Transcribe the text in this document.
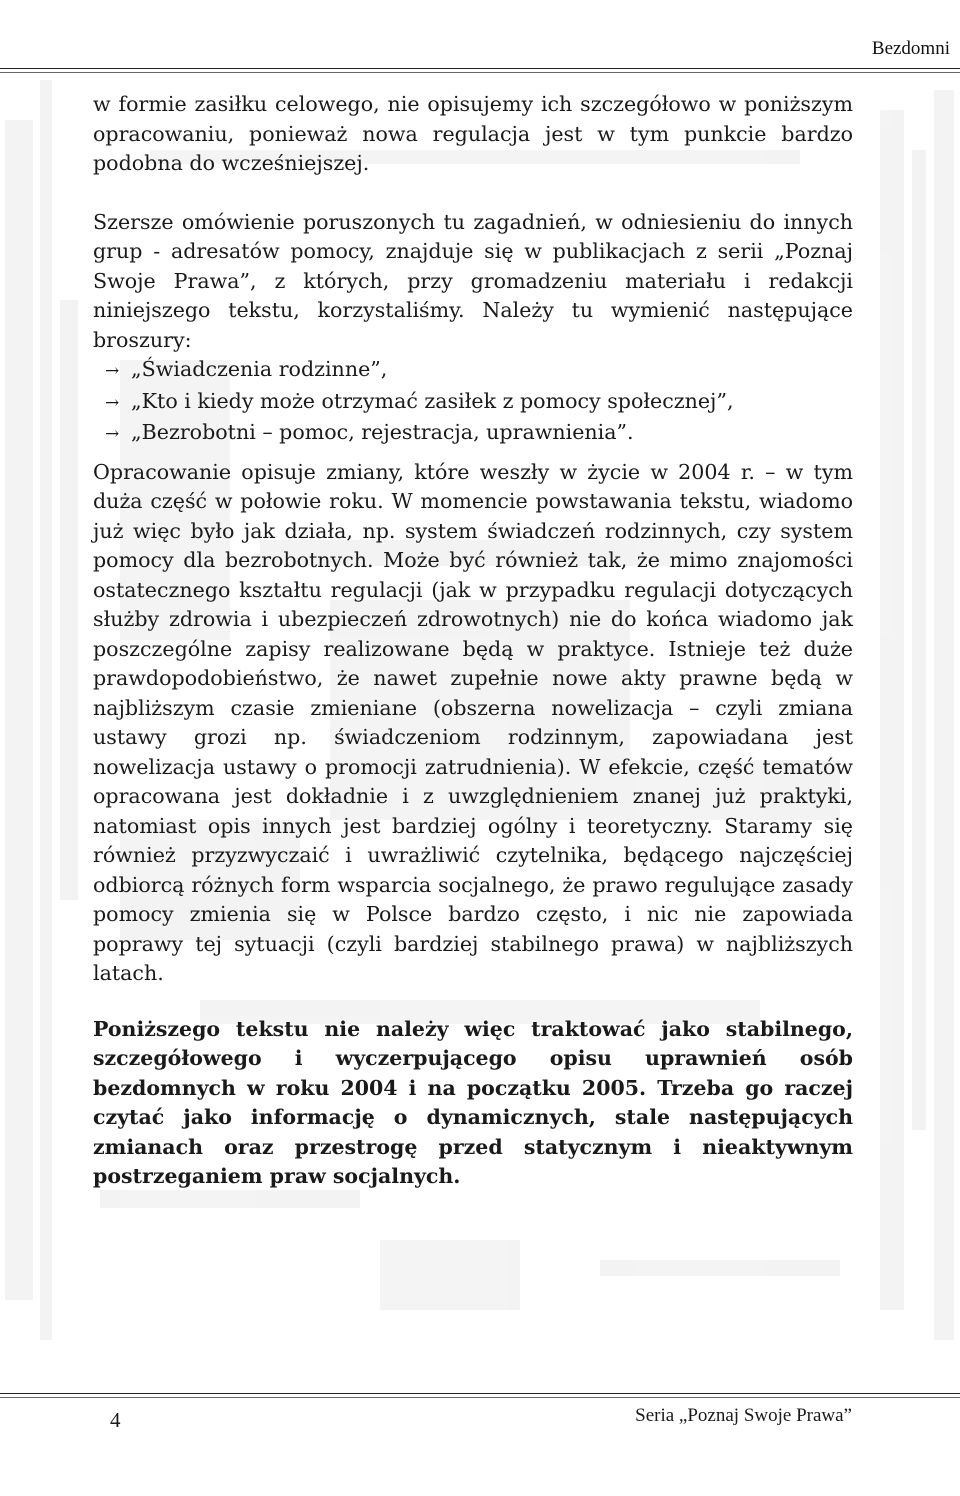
Bezdomni

w formie zasiłku celowego, nie opisujemy ich szczegółowo w poniższym opracowaniu, ponieważ nowa regulacja jest w tym punkcie bardzo podobna do wcześniejszej.

Szersze omówienie poruszonych tu zagadnień, w odniesieniu do innych grup - adresatów pomocy, znajduje się w publikacjach z serii „Poznaj Swoje Prawa”, z których, przy gromadzeniu materiału i redakcji niniejszego tekstu, korzystaliśmy. Należy tu wymienić następujące broszury:

→ „Świadczenia rodzinne”,
→ „Kto i kiedy może otrzymać zasiłek z pomocy społecznej”,
→ „Bezrobotni – pomoc, rejestracja, uprawnienia”.

Opracowanie opisuje zmiany, które weszły w życie w 2004 r. – w tym duża część w połowie roku. W momencie powstawania tekstu, wiadomo już więc było jak działa, np. system świadczeń rodzinnych, czy system pomocy dla bezrobotnych. Może być również tak, że mimo znajomości ostatecznego kształtu regulacji (jak w przypadku regulacji dotyczących służby zdrowia i ubezpieczeń zdrowotnych) nie do końca wiadomo jak poszczególne zapisy realizowane będą w praktyce. Istnieje też duże prawdopodobieństwo, że nawet zupełnie nowe akty prawne będą w najbliższym czasie zmieniane (obszerna nowelizacja – czyli zmiana ustawy grozi np. świadczeniom rodzinnym, zapowiadana jest nowelizacja ustawy o promocji zatrudnienia). W efekcie, część tematów opracowana jest dokładnie i z uwzględnieniem znanej już praktyki, natomiast opis innych jest bardziej ogólny i teoretyczny. Staramy się również przyzwyczaić i uwrażliwić czytelnika, będącego najczęściej odbiorcą różnych form wsparcia socjalnego, że prawo regulujące zasady pomocy zmienia się w Polsce bardzo często, i nic nie zapowiada poprawy tej sytuacji (czyli bardziej stabilnego prawa) w najbliższych latach.

Poniższego tekstu nie należy więc traktować jako stabilnego, szczegółowego i wyczerpującego opisu uprawnień osób bezdomnych w roku 2004 i na początku 2005. Trzeba go raczej czytać jako informację o dynamicznych, stale następujących zmianach oraz przestrogę przed statycznym i nieaktywnym postrzeganiem praw socjalnych.

4	Seria „Poznaj Swoje Prawa”
